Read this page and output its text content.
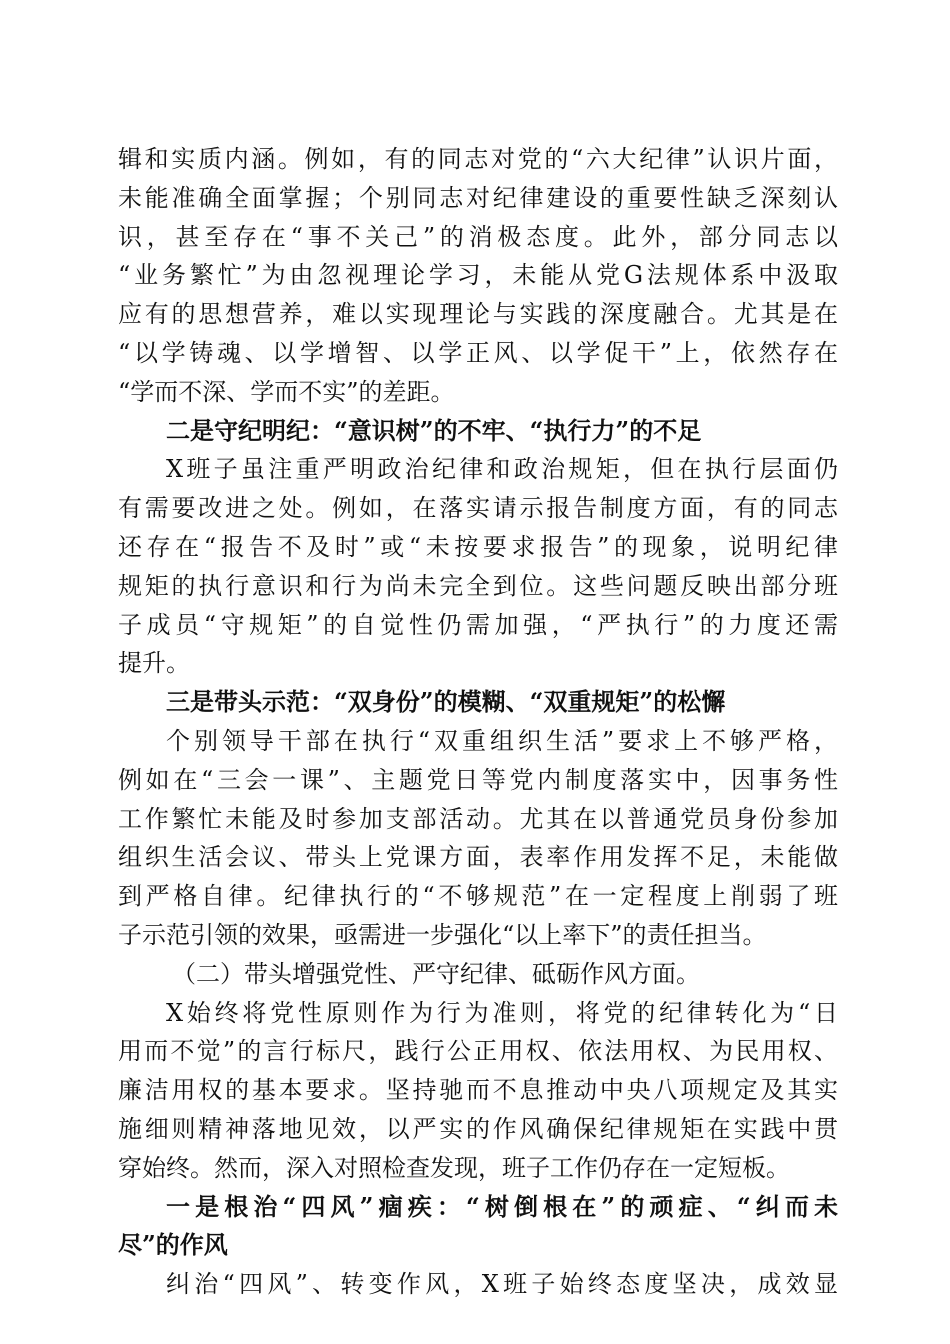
辑和实质内涵。例如，有的同志对党的“六大纪律”认识片面，
未能准确全面掌握；个别同志对纪律建设的重要性缺乏深刻认
识，甚至存在“事不关己”的消极态度。此外，部分同志以
“业务繁忙”为由忽视理论学习，未能从党G法规体系中汲取
应有的思想营养，难以实现理论与实践的深度融合。尤其是在
“以学铸魂、以学增智、以学正风、以学促干”上，依然存在
“学而不深、学而不实”的差距。
二是守纪明纪：“意识树”的不牢、“执行力”的不足
X班子虽注重严明政治纪律和政治规矩，但在执行层面仍
有需要改进之处。例如，在落实请示报告制度方面，有的同志
还存在“报告不及时”或“未按要求报告”的现象，说明纪律
规矩的执行意识和行为尚未完全到位。这些问题反映出部分班
子成员“守规矩”的自觉性仍需加强，“严执行”的力度还需
提升。
三是带头示范：“双身份”的模糊、“双重规矩”的松懈
个别领导干部在执行“双重组织生活”要求上不够严格，
例如在“三会一课”、主题党日等党内制度落实中，因事务性
工作繁忙未能及时参加支部活动。尤其在以普通党员身份参加
组织生活会议、带头上党课方面，表率作用发挥不足，未能做
到严格自律。纪律执行的“不够规范”在一定程度上削弱了班
子示范引领的效果，亟需进一步强化“以上率下”的责任担当。
（二）带头增强党性、严守纪律、砥砺作风方面。
X始终将党性原则作为行为准则，将党的纪律转化为“日
用而不觉”的言行标尺，践行公正用权、依法用权、为民用权、
廉洁用权的基本要求。坚持驰而不息推动中央八项规定及其实
施细则精神落地见效，以严实的作风确保纪律规矩在实践中贯
穿始终。然而，深入对照检查发现，班子工作仍存在一定短板。
一是根治“四风”痼疾：“树倒根在”的顽症、“纠而未
尽”的作风
纠治“四风”、转变作风，X班子始终态度坚决，成效显
